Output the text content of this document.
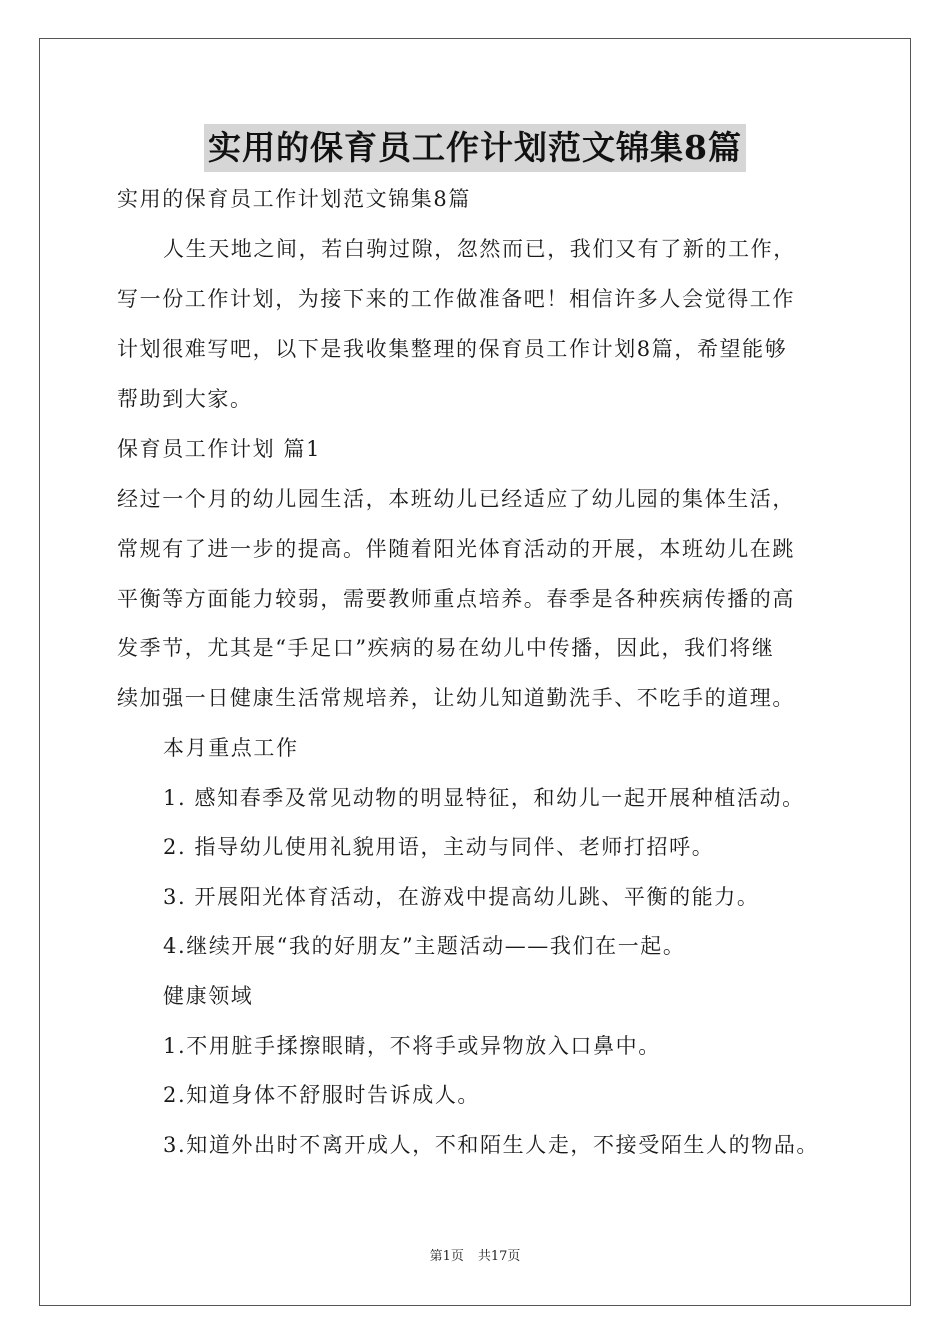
实用的保育员工作计划范文锦集8篇
实用的保育员工作计划范文锦集8篇
人生天地之间，若白驹过隙，忽然而已，我们又有了新的工作，
写一份工作计划，为接下来的工作做准备吧！相信许多人会觉得工作
计划很难写吧，以下是我收集整理的保育员工作计划8篇，希望能够
帮助到大家。
保育员工作计划 篇1
经过一个月的幼儿园生活，本班幼儿已经适应了幼儿园的集体生活，
常规有了进一步的提高。伴随着阳光体育活动的开展，本班幼儿在跳
平衡等方面能力较弱，需要教师重点培养。春季是各种疾病传播的高
发季节，尤其是“手足口”疾病的易在幼儿中传播，因此，我们将继
续加强一日健康生活常规培养，让幼儿知道勤洗手、不吃手的道理。
本月重点工作
1. 感知春季及常见动物的明显特征，和幼儿一起开展种植活动。
2. 指导幼儿使用礼貌用语，主动与同伴、老师打招呼。
3. 开展阳光体育活动，在游戏中提高幼儿跳、平衡的能力。
4.继续开展“我的好朋友”主题活动——我们在一起。
健康领域
1.不用脏手揉擦眼睛，不将手或异物放入口鼻中。
2.知道身体不舒服时告诉成人。
3.知道外出时不离开成人，不和陌生人走，不接受陌生人的物品。
第1页 共17页
